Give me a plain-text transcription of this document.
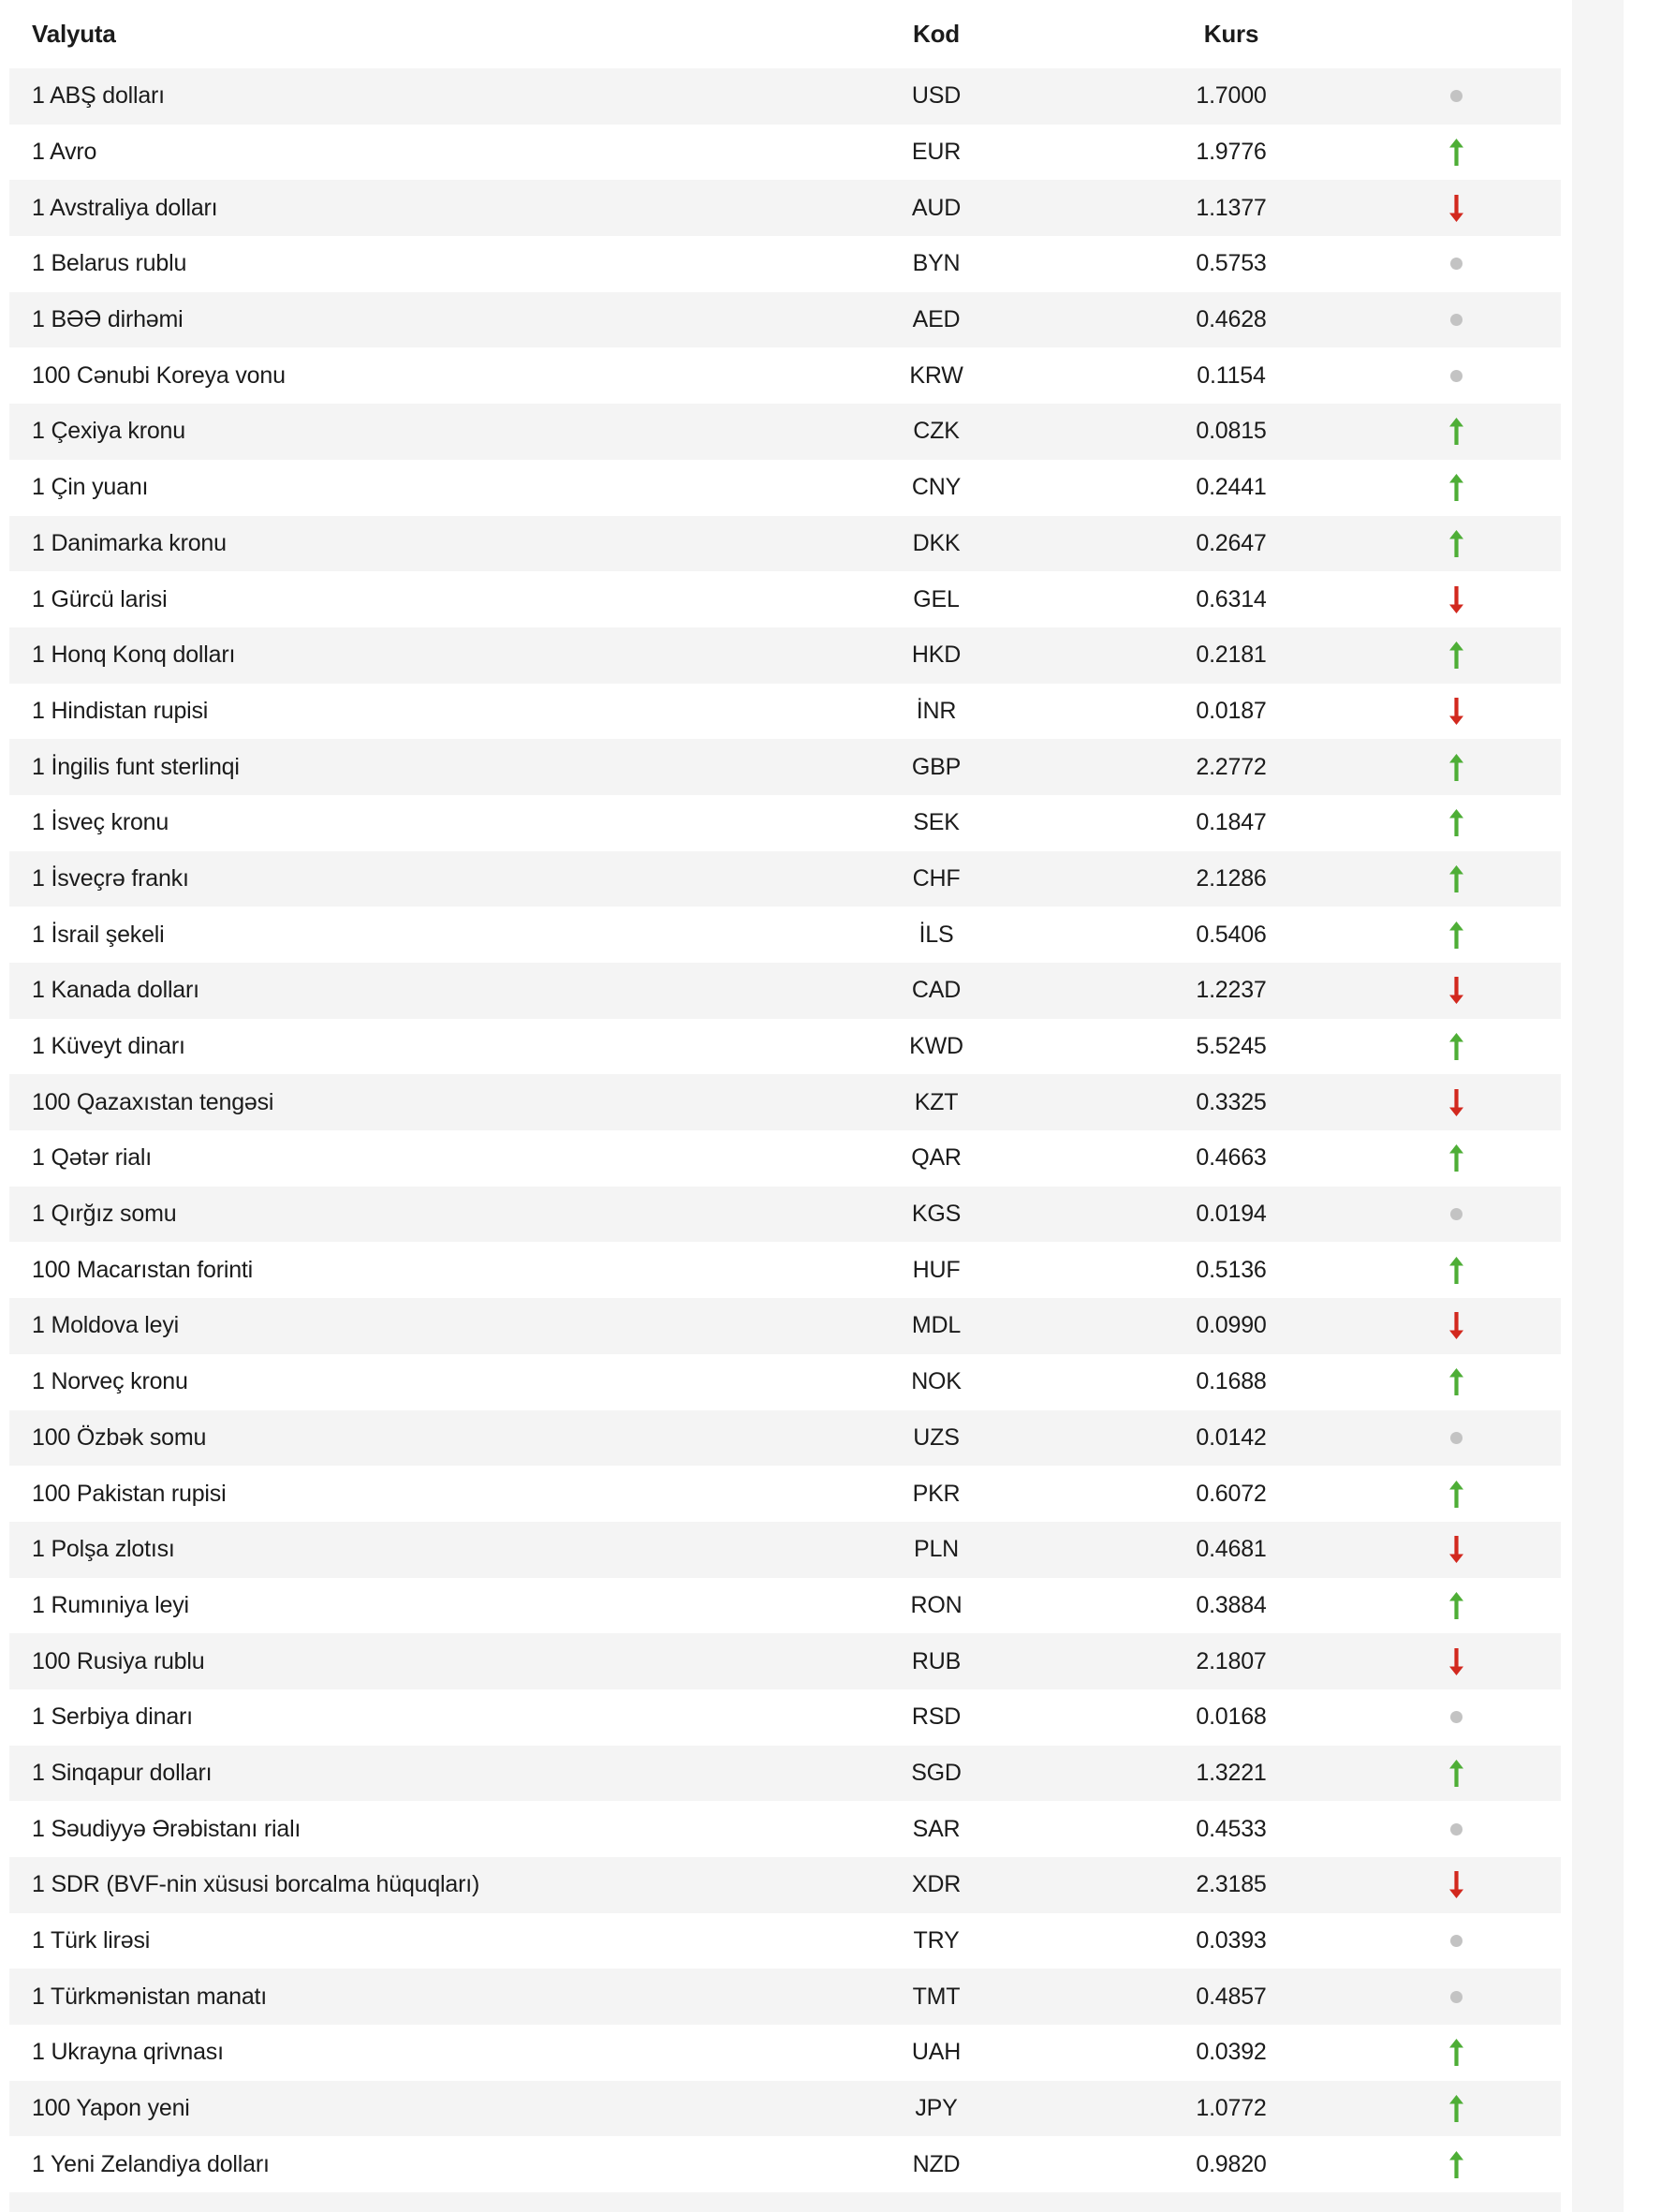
Valyuta	Kod	Kurs
1 ABŞ dolları	USD	1.7000
1 Avro	EUR	1.9776
1 Avstraliya dolları	AUD	1.1377
1 Belarus rublu	BYN	0.5753
1 BƏƏ dirhəmi	AED	0.4628
100 Cənubi Koreya vonu	KRW	0.1154
1 Çexiya kronu	CZK	0.0815
1 Çin yuanı	CNY	0.2441
1 Danimarka kronu	DKK	0.2647
1 Gürcü larisi	GEL	0.6314
1 Honq Konq dolları	HKD	0.2181
1 Hindistan rupisi	İNR	0.0187
1 İngilis funt sterlinqi	GBP	2.2772
1 İsveç kronu	SEK	0.1847
1 İsveçrə frankı	CHF	2.1286
1 İsrail şekeli	İLS	0.5406
1 Kanada dolları	CAD	1.2237
1 Küveyt dinarı	KWD	5.5245
100 Qazaxıstan tengəsi	KZT	0.3325
1 Qətər rialı	QAR	0.4663
1 Qırğız somu	KGS	0.0194
100 Macarıstan forinti	HUF	0.5136
1 Moldova leyi	MDL	0.0990
1 Norveç kronu	NOK	0.1688
100 Özbək somu	UZS	0.0142
100 Pakistan rupisi	PKR	0.6072
1 Polşa zlotısı	PLN	0.4681
1 Rumıniya leyi	RON	0.3884
100 Rusiya rublu	RUB	2.1807
1 Serbiya dinarı	RSD	0.0168
1 Sinqapur dolları	SGD	1.3221
1 Səudiyyə Ərəbistanı rialı	SAR	0.4533
1 SDR (BVF-nin xüsusi borcalma hüquqları)	XDR	2.3185
1 Türk lirəsi	TRY	0.0393
1 Türkmənistan manatı	TMT	0.4857
1 Ukrayna qrivnası	UAH	0.0392
100 Yapon yeni	JPY	1.0772
1 Yeni Zelandiya dolları	NZD	0.9820
